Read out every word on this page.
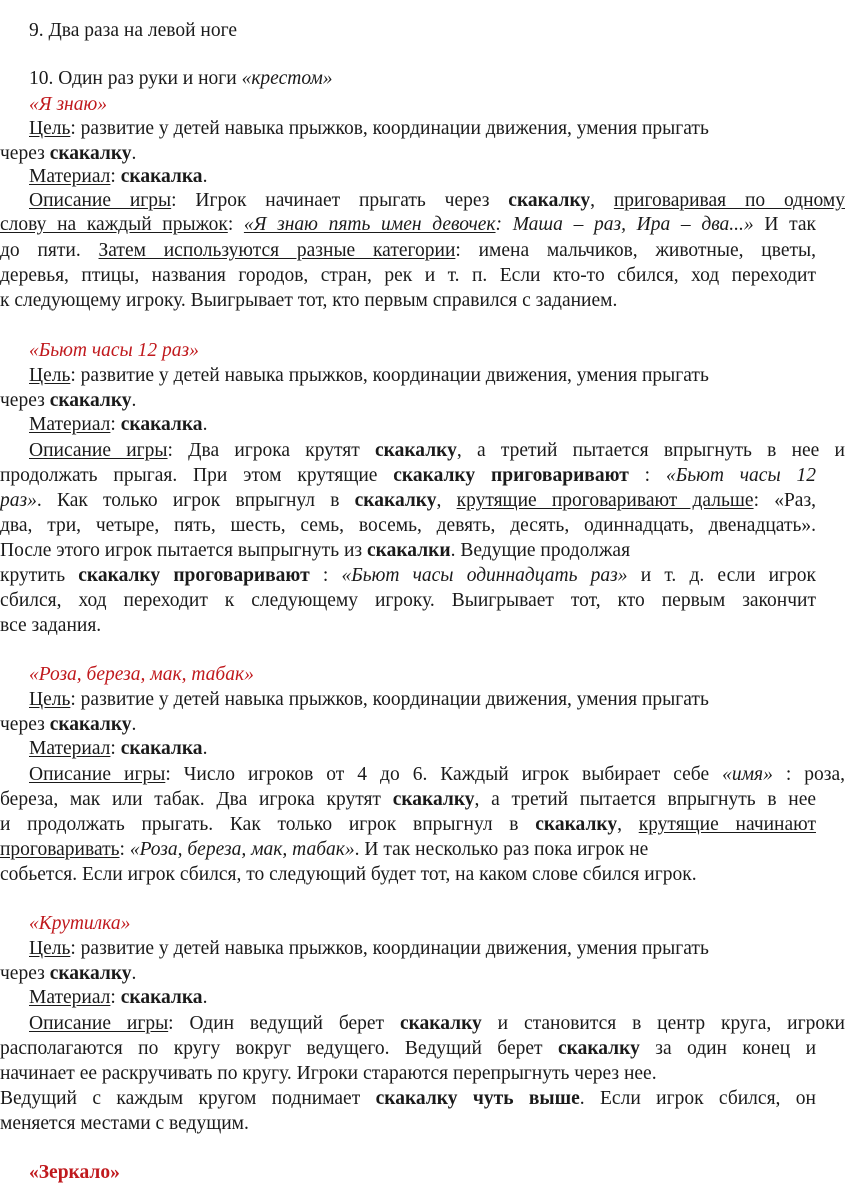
9. Два раза на левой ноге
10. Один раз руки и ноги «крестом»
«Я знаю»
Цель: развитие у детей навыка прыжков, координации движения, умения прыгать
через скакалку.
Материал: скакалка.
Описание игры: Игрок начинает прыгать через скакалку, приговаривая по одному
слову на каждый прыжок: «Я знаю пять имен девочек: Маша – раз, Ира – два...» И так
до пяти. Затем используются разные категории: имена мальчиков, животные, цветы,
деревья, птицы, названия городов, стран, рек и т. п. Если кто-то сбился, ход переходит
к следующему игроку. Выигрывает тот, кто первым справился с заданием.
«Бьют часы 12 раз»
Цель: развитие у детей навыка прыжков, координации движения, умения прыгать
через скакалку.
Материал: скакалка.
Описание игры: Два игрока крутят скакалку, а третий пытается впрыгнуть в нее и
продолжать прыгая. При этом крутящие скакалку приговаривают : «Бьют часы 12
раз». Как только игрок впрыгнул в скакалку, крутящие проговаривают дальше: «Раз,
два, три, четыре, пять, шесть, семь, восемь, девять, десять, одиннадцать, двенадцать».
После этого игрок пытается выпрыгнуть из скакалки. Ведущие продолжая
крутить скакалку проговаривают : «Бьют часы одиннадцать раз» и т. д. если игрок
сбился, ход переходит к следующему игроку. Выигрывает тот, кто первым закончит
все задания.
«Роза, береза, мак, табак»
Цель: развитие у детей навыка прыжков, координации движения, умения прыгать
через скакалку.
Материал: скакалка.
Описание игры: Число игроков от 4 до 6. Каждый игрок выбирает себе «имя» : роза,
береза, мак или табак. Два игрока крутят скакалку, а третий пытается впрыгнуть в нее
и продолжать прыгать. Как только игрок впрыгнул в скакалку, крутящие начинают
проговаривать: «Роза, береза, мак, табак». И так несколько раз пока игрок не
собьется. Если игрок сбился, то следующий будет тот, на каком слове сбился игрок.
«Крутилка»
Цель: развитие у детей навыка прыжков, координации движения, умения прыгать
через скакалку.
Материал: скакалка.
Описание игры: Один ведущий берет скакалку и становится в центр круга, игроки
располагаются по кругу вокруг ведущего. Ведущий берет скакалку за один конец и
начинает ее раскручивать по кругу. Игроки стараются перепрыгнуть через нее.
Ведущий с каждым кругом поднимает скакалку чуть выше. Если игрок сбился, он
меняется местами с ведущим.
«Зеркало»
